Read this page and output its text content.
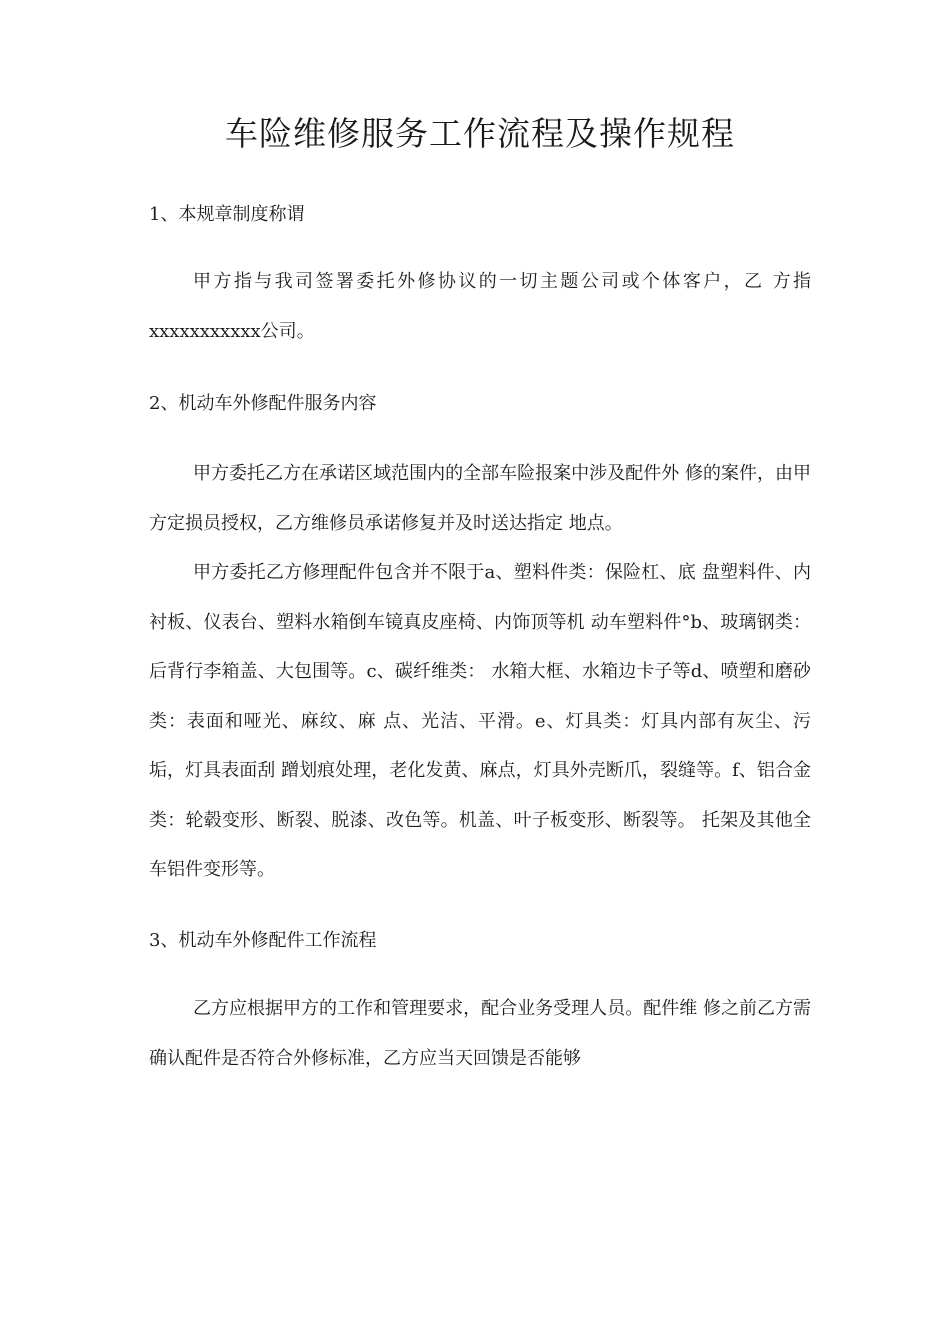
车险维修服务工作流程及操作规程

1、本规章制度称谓

甲方指与我司签署委托外修协议的一切主题公司或个体客户，乙 方指xxxxxxxxxxx公司。

2、机动车外修配件服务内容

甲方委托乙方在承诺区域范围内的全部车险报案中涉及配件外 修的案件，由甲方定损员授权，乙方维修员承诺修复并及时送达指定 地点。

甲方委托乙方修理配件包含并不限于a、塑料件类：保险杠、底 盘塑料件、内衬板、仪表台、塑料水箱倒车镜真皮座椅、内饰顶等机 动车塑料件°b、玻璃钢类：后背行李箱盖、大包围等。c、碳纤维类： 水箱大框、水箱边卡子等d、喷塑和磨砂类：表面和哑光、麻纹、麻 点、光洁、平滑。e、灯具类：灯具内部有灰尘、污垢，灯具表面刮 蹭划痕处理，老化发黄、麻点，灯具外壳断爪，裂缝等。f、铝合金 类：轮毂变形、断裂、脱漆、改色等。机盖、叶子板变形、断裂等。 托架及其他全车铝件变形等。

3、机动车外修配件工作流程

乙方应根据甲方的工作和管理要求，配合业务受理人员。配件维 修之前乙方需确认配件是否符合外修标准，乙方应当天回馈是否能够
